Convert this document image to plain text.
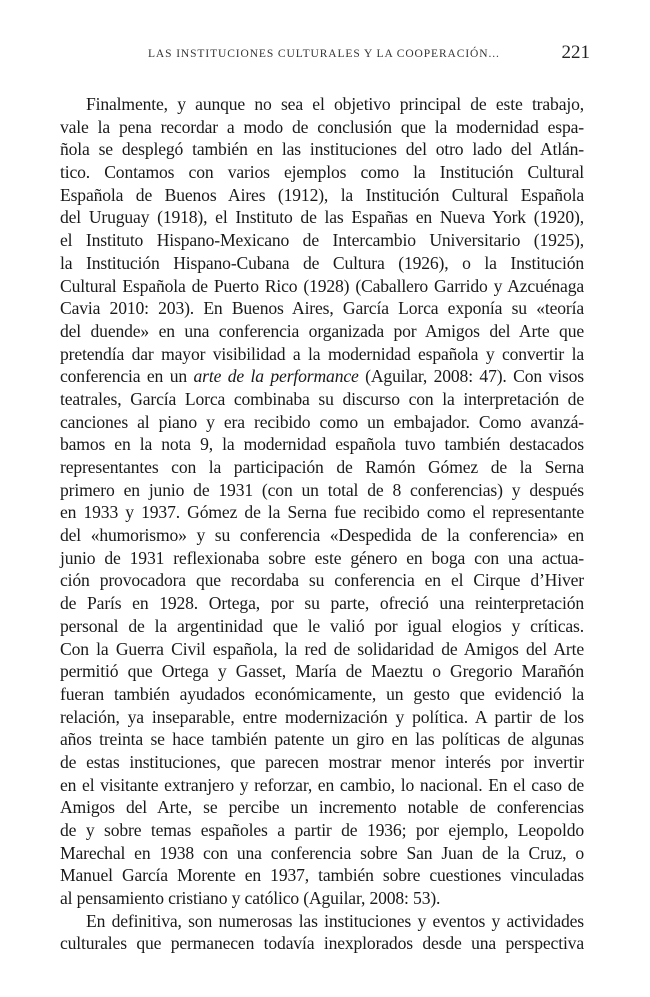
LAS INSTITUCIONES CULTURALES Y LA COOPERACIÓN...	221
Finalmente, y aunque no sea el objetivo principal de este trabajo,
vale la pena recordar a modo de conclusión que la modernidad espa-
ñola se desplegó también en las instituciones del otro lado del Atlán-
tico. Contamos con varios ejemplos como la Institución Cultural
Española de Buenos Aires (1912), la Institución Cultural Española
del Uruguay (1918), el Instituto de las Españas en Nueva York (1920),
el Instituto Hispano-Mexicano de Intercambio Universitario (1925),
la Institución Hispano-Cubana de Cultura (1926), o la Institución
Cultural Española de Puerto Rico (1928) (Caballero Garrido y Azcuénaga
Cavia 2010: 203). En Buenos Aires, García Lorca exponía su «teoría
del duende» en una conferencia organizada por Amigos del Arte que
pretendía dar mayor visibilidad a la modernidad española y convertir la
conferencia en un arte de la performance (Aguilar, 2008: 47). Con visos
teatrales, García Lorca combinaba su discurso con la interpretación de
canciones al piano y era recibido como un embajador. Como avanzá-
bamos en la nota 9, la modernidad española tuvo también destacados
representantes con la participación de Ramón Gómez de la Serna
primero en junio de 1931 (con un total de 8 conferencias) y después
en 1933 y 1937. Gómez de la Serna fue recibido como el representante
del «humorismo» y su conferencia «Despedida de la conferencia» en
junio de 1931 reflexionaba sobre este género en boga con una actua-
ción provocadora que recordaba su conferencia en el Cirque d’Hiver
de París en 1928. Ortega, por su parte, ofreció una reinterpretación
personal de la argentinidad que le valió por igual elogios y críticas.
Con la Guerra Civil española, la red de solidaridad de Amigos del Arte
permitió que Ortega y Gasset, María de Maeztu o Gregorio Marañón
fueran también ayudados económicamente, un gesto que evidenció la
relación, ya inseparable, entre modernización y política. A partir de los
años treinta se hace también patente un giro en las políticas de algunas
de estas instituciones, que parecen mostrar menor interés por invertir
en el visitante extranjero y reforzar, en cambio, lo nacional. En el caso de
Amigos del Arte, se percibe un incremento notable de conferencias
de y sobre temas españoles a partir de 1936; por ejemplo, Leopoldo
Marechal en 1938 con una conferencia sobre San Juan de la Cruz, o
Manuel García Morente en 1937, también sobre cuestiones vinculadas
al pensamiento cristiano y católico (Aguilar, 2008: 53).
En definitiva, son numerosas las instituciones y eventos y actividades
culturales que permanecen todavía inexplorados desde una perspectiva
